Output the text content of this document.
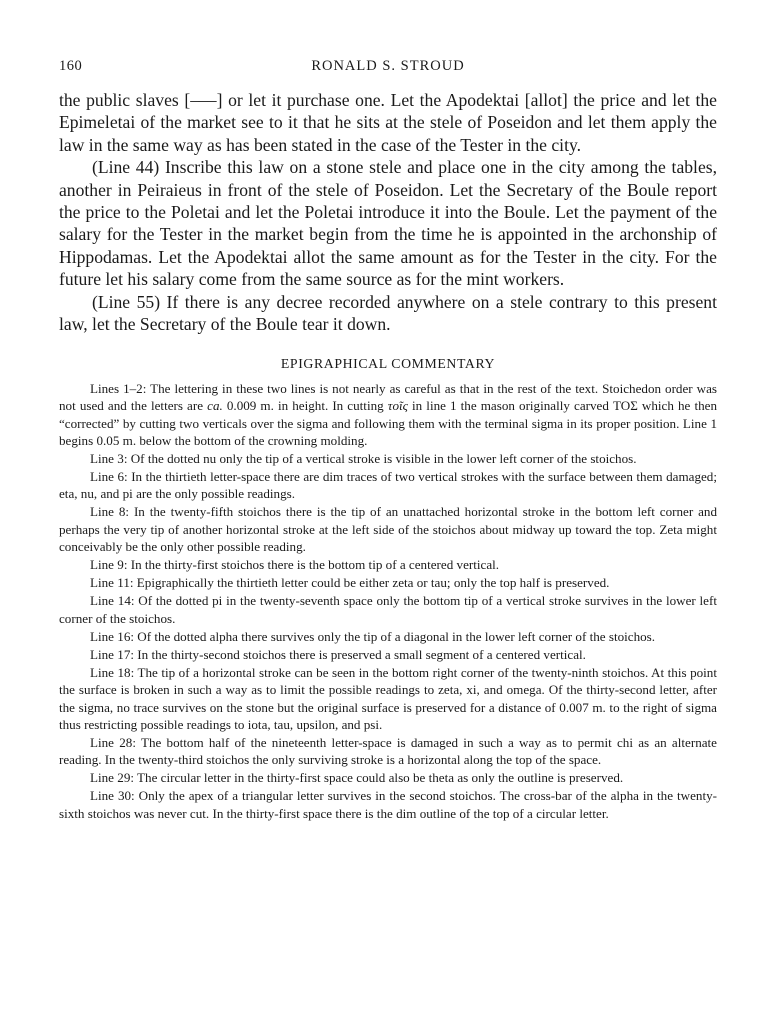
160	RONALD S. STROUD

the public slaves [–––] or let it purchase one. Let the Apodektai [allot] the price and let the Epimeletai of the market see to it that he sits at the stele of Poseidon and let them apply the law in the same way as has been stated in the case of the Tester in the city.

(Line 44) Inscribe this law on a stone stele and place one in the city among the tables, another in Peiraieus in front of the stele of Poseidon. Let the Secretary of the Boule report the price to the Poletai and let the Poletai introduce it into the Boule. Let the payment of the salary for the Tester in the market begin from the time he is appointed in the archonship of Hippodamas. Let the Apodektai allot the same amount as for the Tester in the city. For the future let his salary come from the same source as for the mint workers.

(Line 55) If there is any decree recorded anywhere on a stele contrary to this present law, let the Secretary of the Boule tear it down.

EPIGRAPHICAL COMMENTARY

Lines 1–2: The lettering in these two lines is not nearly as careful as that in the rest of the text. Stoichedon order was not used and the letters are ca. 0.009 m. in height. In cutting τοῖς in line 1 the mason originally carved ΤΟΣ which he then “corrected” by cutting two verticals over the sigma and following them with the terminal sigma in its proper position. Line 1 begins 0.05 m. below the bottom of the crowning molding.

Line 3: Of the dotted nu only the tip of a vertical stroke is visible in the lower left corner of the stoichos.

Line 6: In the thirtieth letter-space there are dim traces of two vertical strokes with the surface between them damaged; eta, nu, and pi are the only possible readings.

Line 8: In the twenty-fifth stoichos there is the tip of an unattached horizontal stroke in the bottom left corner and perhaps the very tip of another horizontal stroke at the left side of the stoichos about midway up toward the top. Zeta might conceivably be the only other possible reading.

Line 9: In the thirty-first stoichos there is the bottom tip of a centered vertical.

Line 11: Epigraphically the thirtieth letter could be either zeta or tau; only the top half is preserved.

Line 14: Of the dotted pi in the twenty-seventh space only the bottom tip of a vertical stroke survives in the lower left corner of the stoichos.

Line 16: Of the dotted alpha there survives only the tip of a diagonal in the lower left corner of the stoichos.

Line 17: In the thirty-second stoichos there is preserved a small segment of a centered vertical.

Line 18: The tip of a horizontal stroke can be seen in the bottom right corner of the twenty-ninth stoichos. At this point the surface is broken in such a way as to limit the possible readings to zeta, xi, and omega. Of the thirty-second letter, after the sigma, no trace survives on the stone but the original surface is preserved for a distance of 0.007 m. to the right of sigma thus restricting possible readings to iota, tau, upsilon, and psi.

Line 28: The bottom half of the nineteenth letter-space is damaged in such a way as to permit chi as an alternate reading. In the twenty-third stoichos the only surviving stroke is a horizontal along the top of the space.

Line 29: The circular letter in the thirty-first space could also be theta as only the outline is preserved.

Line 30: Only the apex of a triangular letter survives in the second stoichos. The cross-bar of the alpha in the twenty-sixth stoichos was never cut. In the thirty-first space there is the dim outline of the top of a circular letter.
